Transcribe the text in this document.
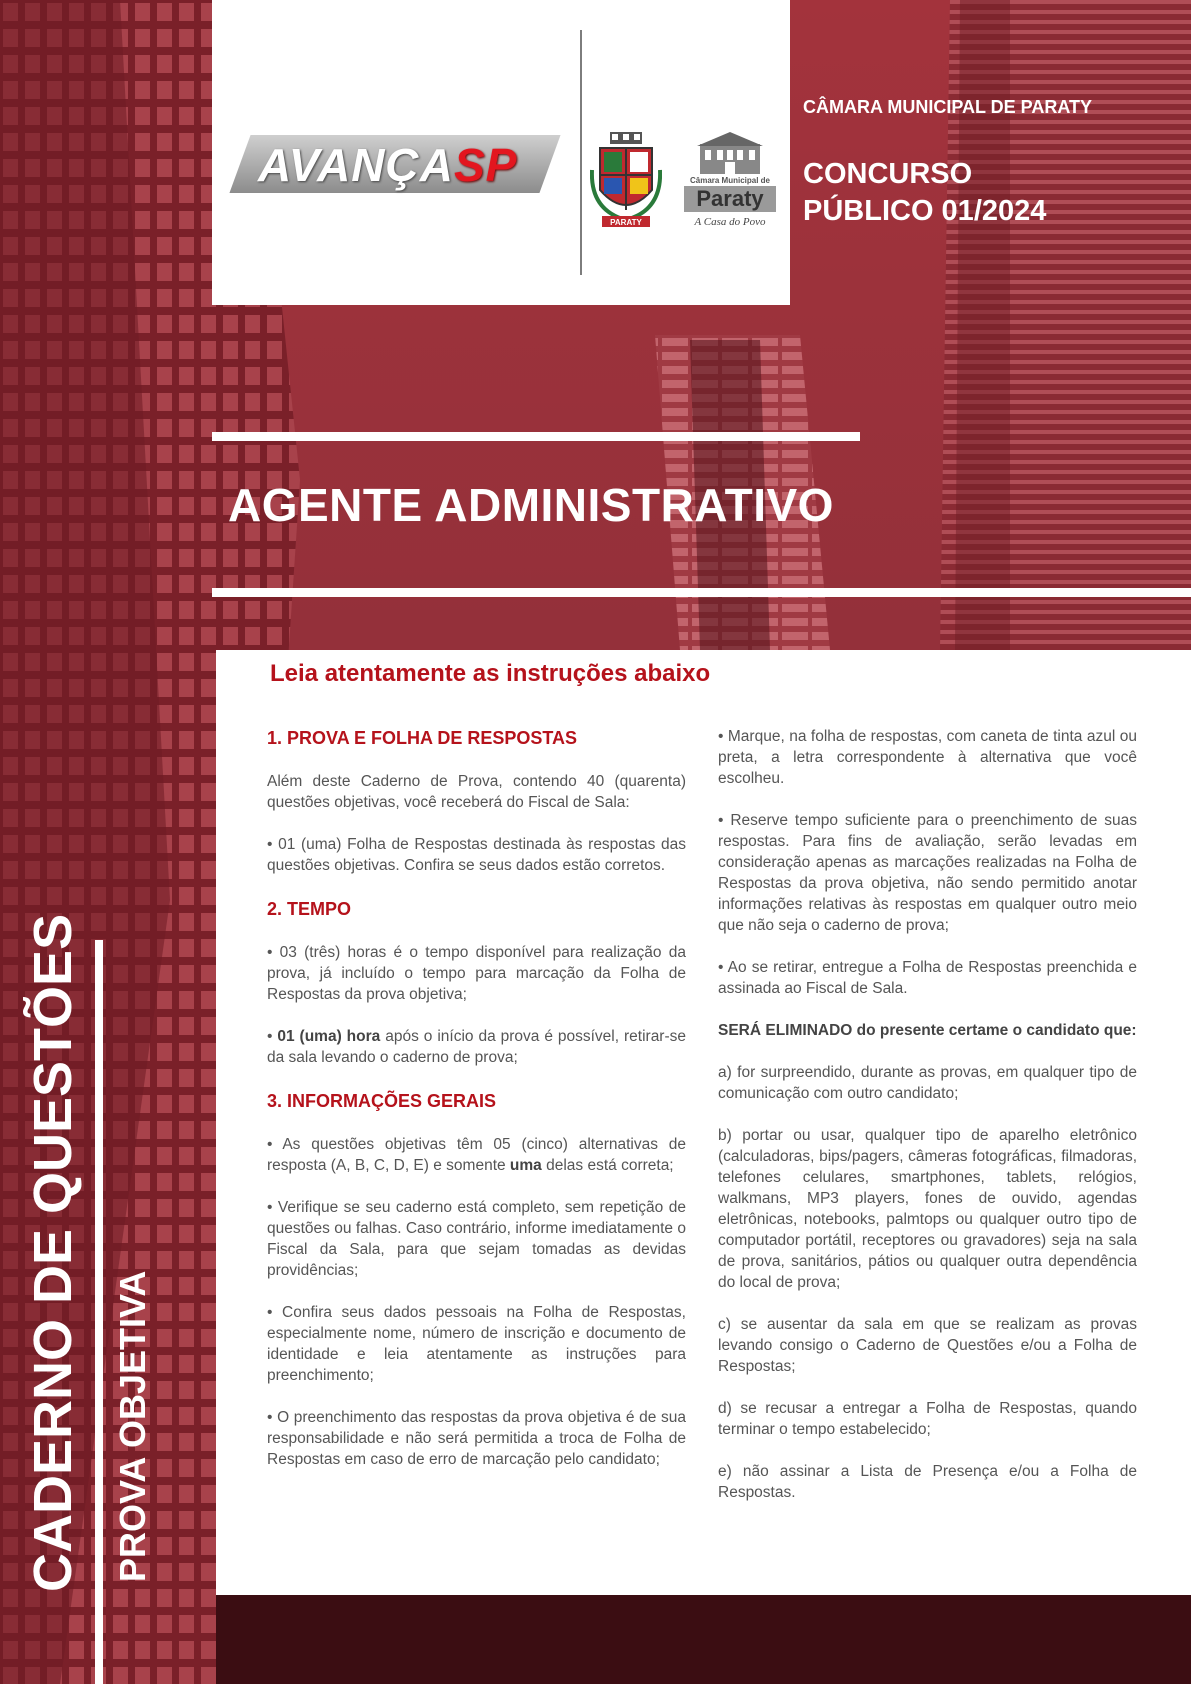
AVANÇASP
PARATY
Câmara Municipal de
Paraty
A Casa do Povo
CÂMARA MUNICIPAL DE PARATY
CONCURSO PÚBLICO 01/2024
AGENTE ADMINISTRATIVO
Leia atentamente as instruções abaixo
1. PROVA E FOLHA DE RESPOSTAS

Além deste Caderno de Prova, contendo 40 (quarenta) questões objetivas, você receberá do Fiscal de Sala:

• 01 (uma) Folha de Respostas destinada às respostas das questões objetivas. Confira se seus dados estão corretos.

2. TEMPO

• 03 (três) horas é o tempo disponível para realização da prova, já incluído o tempo para marcação da Folha de Respostas da prova objetiva;

• 01 (uma) hora após o início da prova é possível, retirar-se da sala levando o caderno de prova;

3. INFORMAÇÕES GERAIS

• As questões objetivas têm 05 (cinco) alternativas de resposta (A, B, C, D, E) e somente uma delas está correta;

• Verifique se seu caderno está completo, sem repetição de questões ou falhas. Caso contrário, informe imediatamente o Fiscal da Sala, para que sejam tomadas as devidas providências;

• Confira seus dados pessoais na Folha de Respostas, especialmente nome, número de inscrição e documento de identidade e leia atentamente as instruções para preenchimento;

• O preenchimento das respostas da prova objetiva é de sua responsabilidade e não será permitida a troca de Folha de Respostas em caso de erro de marcação pelo candidato;

• Marque, na folha de respostas, com caneta de tinta azul ou preta, a letra correspondente à alternativa que você escolheu.

• Reserve tempo suficiente para o preenchimento de suas respostas. Para fins de avaliação, serão levadas em consideração apenas as marcações realizadas na Folha de Respostas da prova objetiva, não sendo permitido anotar informações relativas às respostas em qualquer outro meio que não seja o caderno de prova;

• Ao se retirar, entregue a Folha de Respostas preenchida e assinada ao Fiscal de Sala.

SERÁ ELIMINADO do presente certame o candidato que:

a) for surpreendido, durante as provas, em qualquer tipo de comunicação com outro candidato;

b) portar ou usar, qualquer tipo de aparelho eletrônico (calculadoras, bips/pagers, câmeras fotográficas, filmadoras, telefones celulares, smartphones, tablets, relógios, walkmans, MP3 players, fones de ouvido, agendas eletrônicas, notebooks, palmtops ou qualquer outro tipo de computador portátil, receptores ou gravadores) seja na sala de prova, sanitários, pátios ou qualquer outra dependência do local de prova;

c) se ausentar da sala em que se realizam as provas levando consigo o Caderno de Questões e/ou a Folha de Respostas;

d) se recusar a entregar a Folha de Respostas, quando terminar o tempo estabelecido;

e) não assinar a Lista de Presença e/ou a Folha de Respostas.

CADERNO DE QUESTÕES PROVA OBJETIVA
